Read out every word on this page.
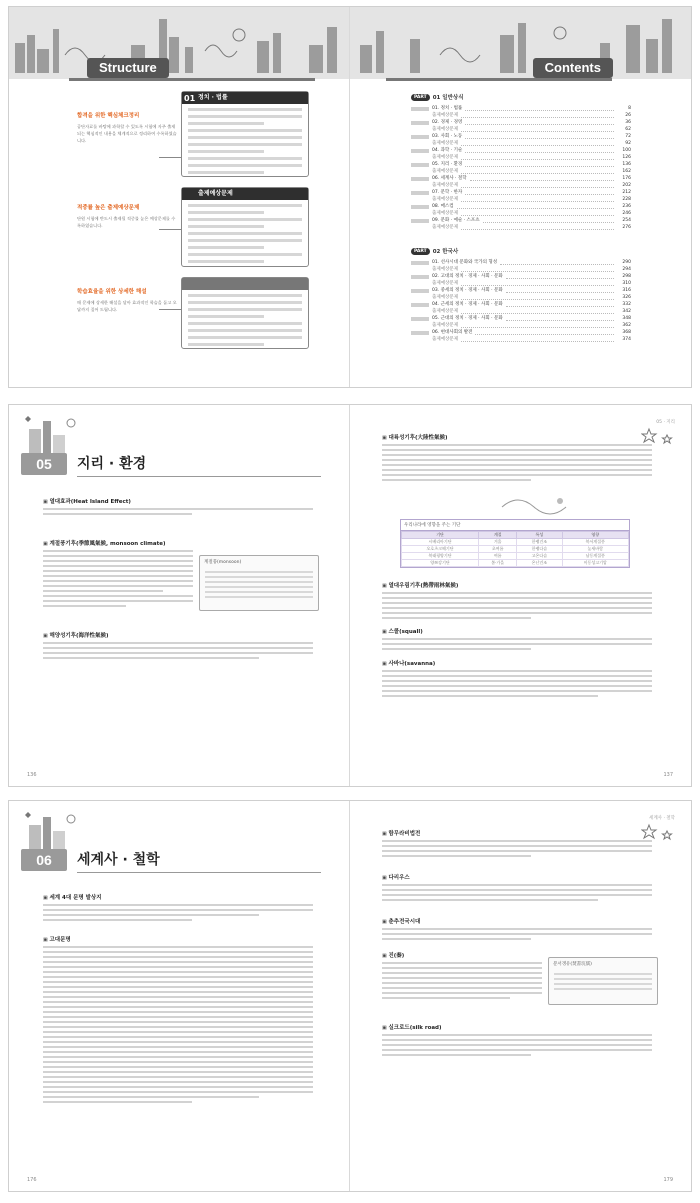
Structure
합격을 위한 핵심체크정리
공단자료를 바탕에 과학할 수 있도록 시험에 자주 출제되는 핵심적인 내용을 체계적으로 정리하여 수록하였습니다.
적중률 높은 출제예상문제
단원 시험에 반드시 출제될 적중률 높은 예상문제를 수록하였습니다.
학습효율을 위한 상세한 해설
매 문제에 상세한 해설을 달아 효과적인 학습을 돕고 오답까지 짚어 드립니다.
정치 · 법률
01
출제예상문제
Contents
PART	01 일반상식
01. 정치 · 법률	8
출제예상문제	26
02. 경제 · 경영	36
출제예상문제	62
03. 사회 · 노동	72
출제예상문제	92
04. 과학 · 기술	100
출제예상문제	126
05. 지리 · 환경	136
출제예상문제	162
06. 세계사 · 철학	176
출제예상문제	202
07. 문학 · 한자	212
출제예상문제	228
08. 매스컴	236
출제예상문제	246
09. 문화 · 예술 · 스포츠	254
출제예상문제	276
PART	02 한국사
01. 선사시대 문화와 국가의 형성	290
출제예상문제	294
02. 고대의 정치 · 경제 · 사회 · 문화	298
출제예상문제	310
03. 중세의 정치 · 경제 · 사회 · 문화	316
출제예상문제	326
04. 근세의 정치 · 경제 · 사회 · 문화	332
출제예상문제	342
05. 근대의 정치 · 경제 · 사회 · 문화	348
출제예상문제	362
06. 현대사회의 발전	368
출제예상문제	374
05	지리 · 환경
▣ 열대효과(Heat Island Effect)
▣ 계절풍기후(季節風氣候, monsoon climate)
계절풍(monsoon)
▣ 해양성기후(海洋性氣候)
136
05 · 지리
▣ 대륙성기후(大陸性氣候)
우리나라에 영향을 주는 기단
기단	계절	특성	영향
시베리아기단	겨울	한랭건조	북서계절풍
오호츠크해기단	초여름	한랭다습	높새바람
북태평양기단	여름	고온다습	남동계절풍
양쯔강기단	봄·가을	온난건조	이동성고기압
▣ 열대우림기후(熱帶雨林氣候)
▣ 스콜(squall)
▣ 사바나(savanna)
137
06	세계사 · 철학
▣ 세계 4대 문명 발상지
▣ 고대문명
176
세계사 · 철학
▣ 함무라비법전
▣ 다리우스
▣ 춘추전국시대
▣ 진(秦)
분서갱유(焚書坑儒)
▣ 실크로드(silk road)
179
